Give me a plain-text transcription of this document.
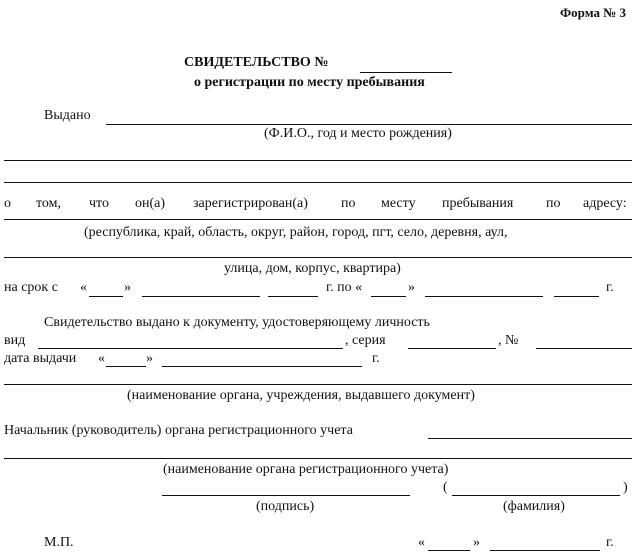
Форма № 3
СВИДЕТЕЛЬСТВО №
о регистрации по месту пребывания
Выдано
(Ф.И.О., год и место рождения)
о том, что он(а) зарегистрирован(а) по месту пребывания по адресу:
(республика, край, область, округ, район, город, пгт, село, деревня, аул,
улица, дом, корпус, квартира)
на срок с «	»	г. по «	»	г.
Свидетельство выдано к документу, удостоверяющему личность
вид	, серия	, №
дата выдачи «	»	г.
(наименование органа, учреждения, выдавшего документ)
Начальник (руководитель) органа регистрационного учета
(наименование органа регистрационного учета)
(	)
(подпись)	(фамилия)
М.П.	«	»	г.
